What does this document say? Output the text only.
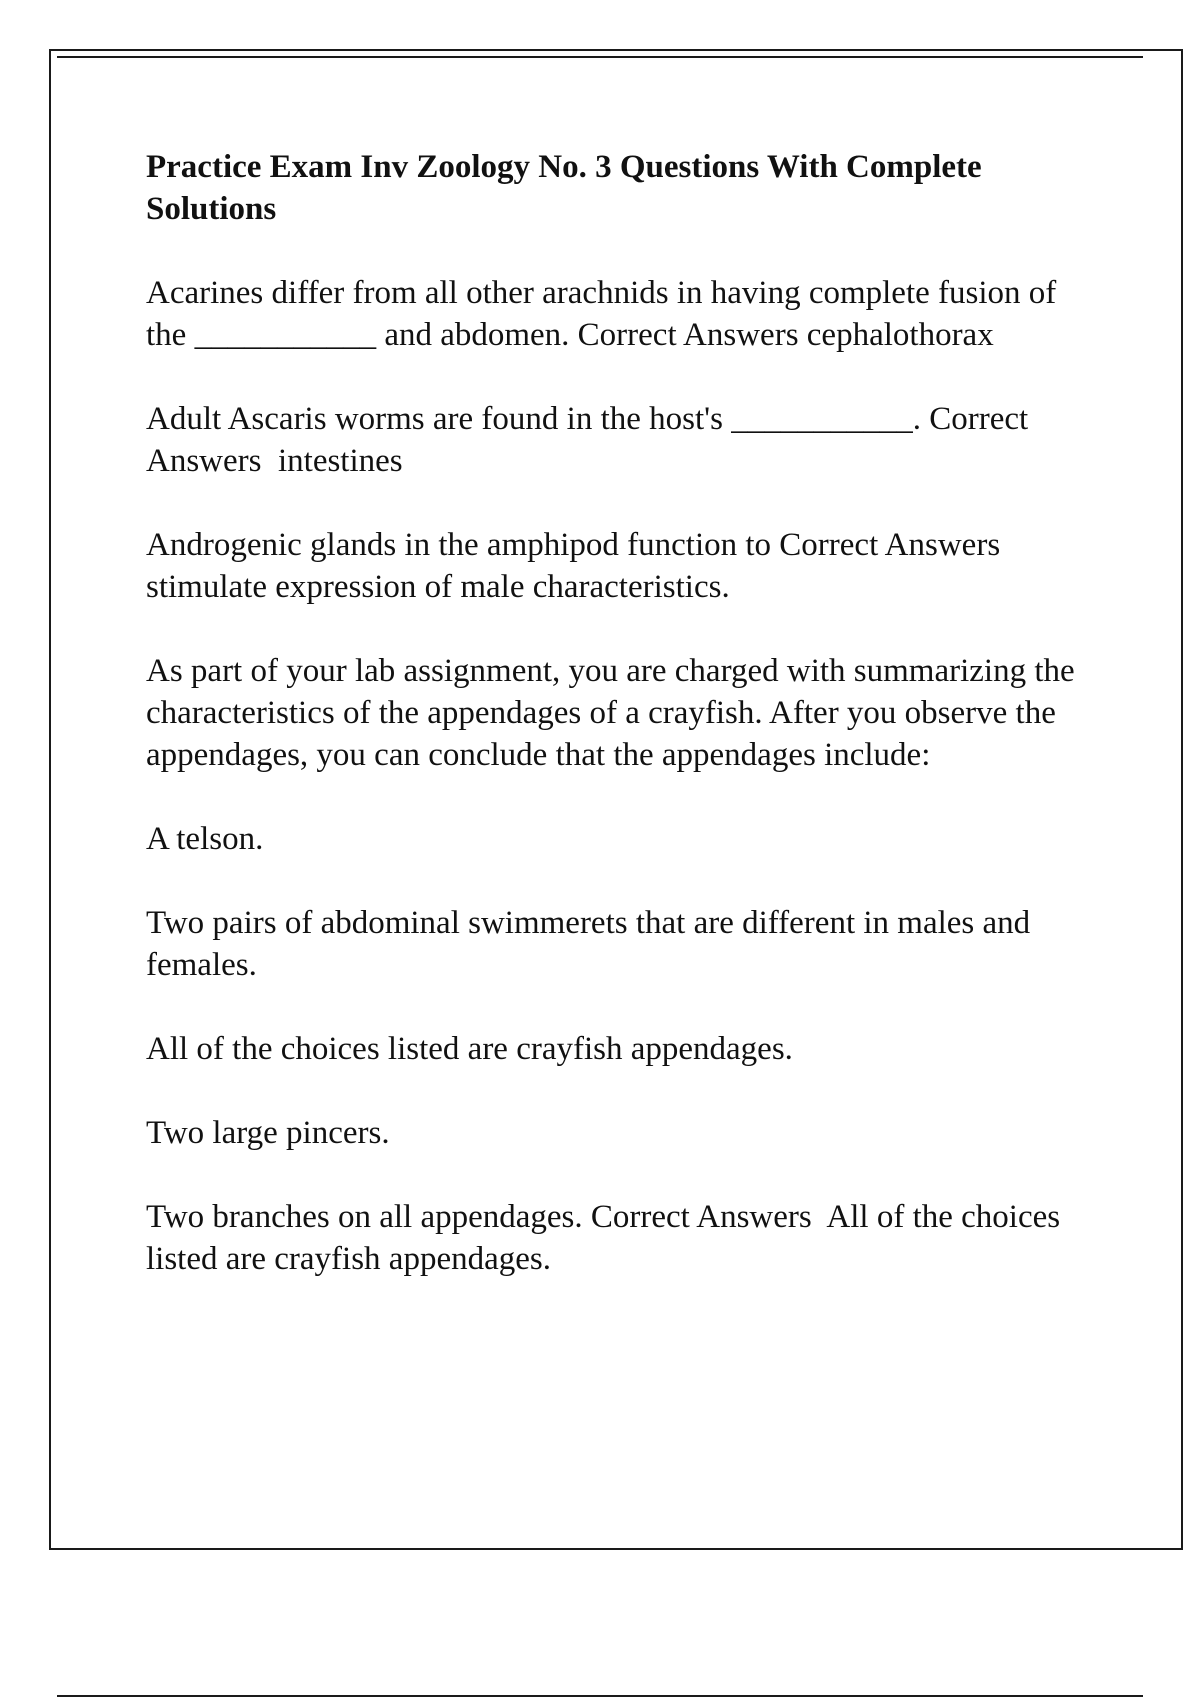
Practice Exam Inv Zoology No. 3 Questions With Complete Solutions

Acarines differ from all other arachnids in having complete fusion of the ___________ and abdomen. Correct Answers cephalothorax

Adult Ascaris worms are found in the host's ___________. Correct Answers  intestines

Androgenic glands in the amphipod function to Correct Answers stimulate expression of male characteristics.

As part of your lab assignment, you are charged with summarizing the characteristics of the appendages of a crayfish. After you observe the appendages, you can conclude that the appendages include:

A telson.

Two pairs of abdominal swimmerets that are different in males and females.

All of the choices listed are crayfish appendages.

Two large pincers.

Two branches on all appendages. Correct Answers  All of the choices listed are crayfish appendages.
